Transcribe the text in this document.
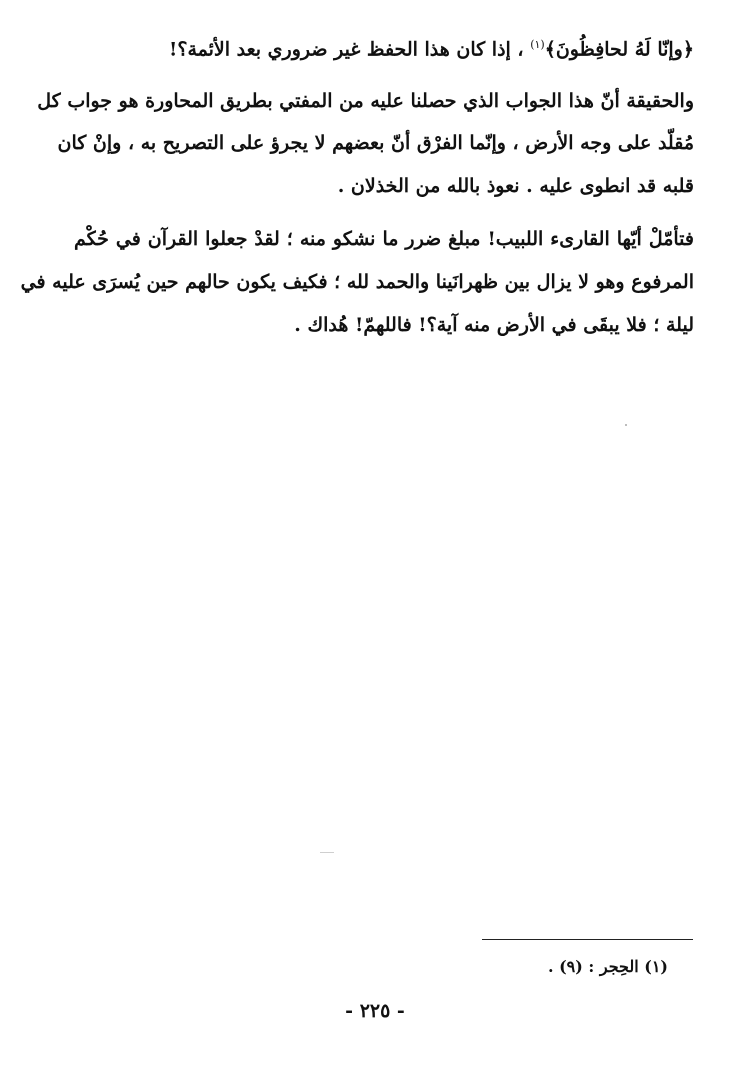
﴿وإنّا لَهُ لحافِظُونَ﴾$^{(١)}$ ، إذا كان هذا الحفظ غير ضروري بعد الأئمة؟!
والحقيقة أنّ هذا الجواب الذي حصلنا عليه من المفتي بطريق المحاورة هو جواب كل
مُقلّد على وجه الأرض ، وإنّما الفرْق أنّ بعضهم لا يجرؤ على التصريح به ، وإنْ كان
قلبه قد انطوى عليه . نعوذ بالله من الخذلان .
فتأمّلْ أيّها القارىء اللبيب! مبلغ ضرر ما نشكو منه ؛ لقدْ جعلوا القرآن في حُكْم
المرفوع وهو لا يزال بين ظهرانَينا والحمد لله ؛ فكيف يكون حالهم حين يُسرَى عليه في
ليلة ؛ فلا يبقَى في الأرض منه آية؟! فاللهمّ! هُداك .
(١) الحِجر : (٩) .
- ٢٢٥ -
